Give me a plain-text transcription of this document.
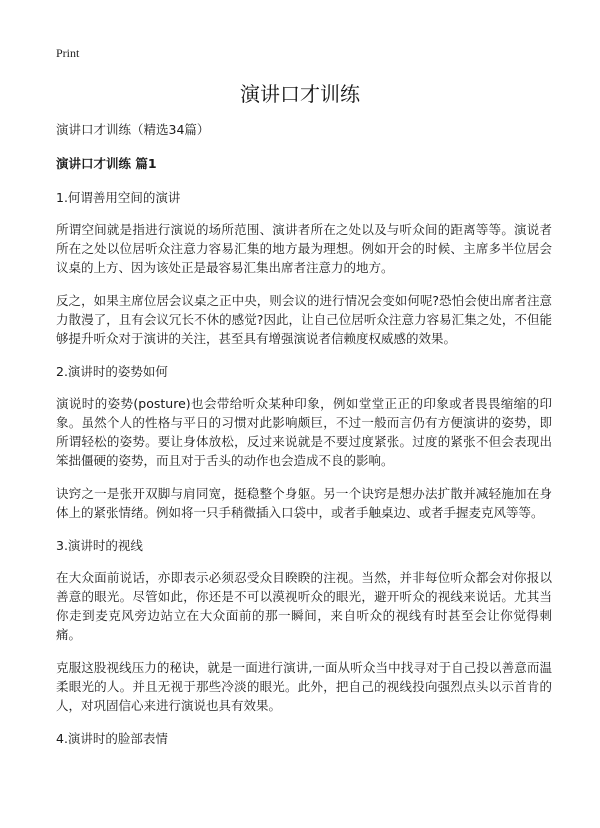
Print
演讲口才训练
演讲口才训练（精选34篇）
演讲口才训练 篇1
1.何谓善用空间的演讲

所谓空间就是指进行演说的场所范围、演讲者所在之处以及与听众间的距离等等。演说者所在之处以位居听众注意力容易汇集的地方最为理想。例如开会的时候、主席多半位居会议桌的上方、因为该处正是最容易汇集出席者注意力的地方。

反之，如果主席位居会议桌之正中央，则会议的进行情况会变如何呢?恐怕会使出席者注意力散漫了，且有会议冗长不休的感觉?因此，让自己位居听众注意力容易汇集之处，不但能够提升听众对于演讲的关注，甚至具有增强演说者信赖度权威感的效果。

2.演讲时的姿势如何

演说时的姿势(posture)也会带给听众某种印象，例如堂堂正正的印象或者畏畏缩缩的印象。虽然个人的性格与平日的习惯对此影响颇巨，不过一般而言仍有方便演讲的姿势，即所谓轻松的姿势。要让身体放松，反过来说就是不要过度紧张。过度的紧张不但会表现出笨拙僵硬的姿势，而且对于舌头的动作也会造成不良的影响。

诀窍之一是张开双脚与肩同宽，挺稳整个身躯。另一个诀窍是想办法扩散并减轻施加在身体上的紧张情绪。例如将一只手稍微插入口袋中，或者手触桌边、或者手握麦克风等等。

3.演讲时的视线

在大众面前说话，亦即表示必须忍受众目睽睽的注视。当然，并非每位听众都会对你报以善意的眼光。尽管如此，你还是不可以漠视听众的眼光，避开听众的视线来说话。尤其当你走到麦克风旁边站立在大众面前的那一瞬间，来自听众的视线有时甚至会让你觉得刺痛。

克服这股视线压力的秘诀，就是一面进行演讲,一面从听众当中找寻对于自己投以善意而温柔眼光的人。并且无视于那些冷淡的眼光。此外，把自己的视线投向强烈点头以示首肯的人，对巩固信心来进行演说也具有效果。

4.演讲时的脸部表情
